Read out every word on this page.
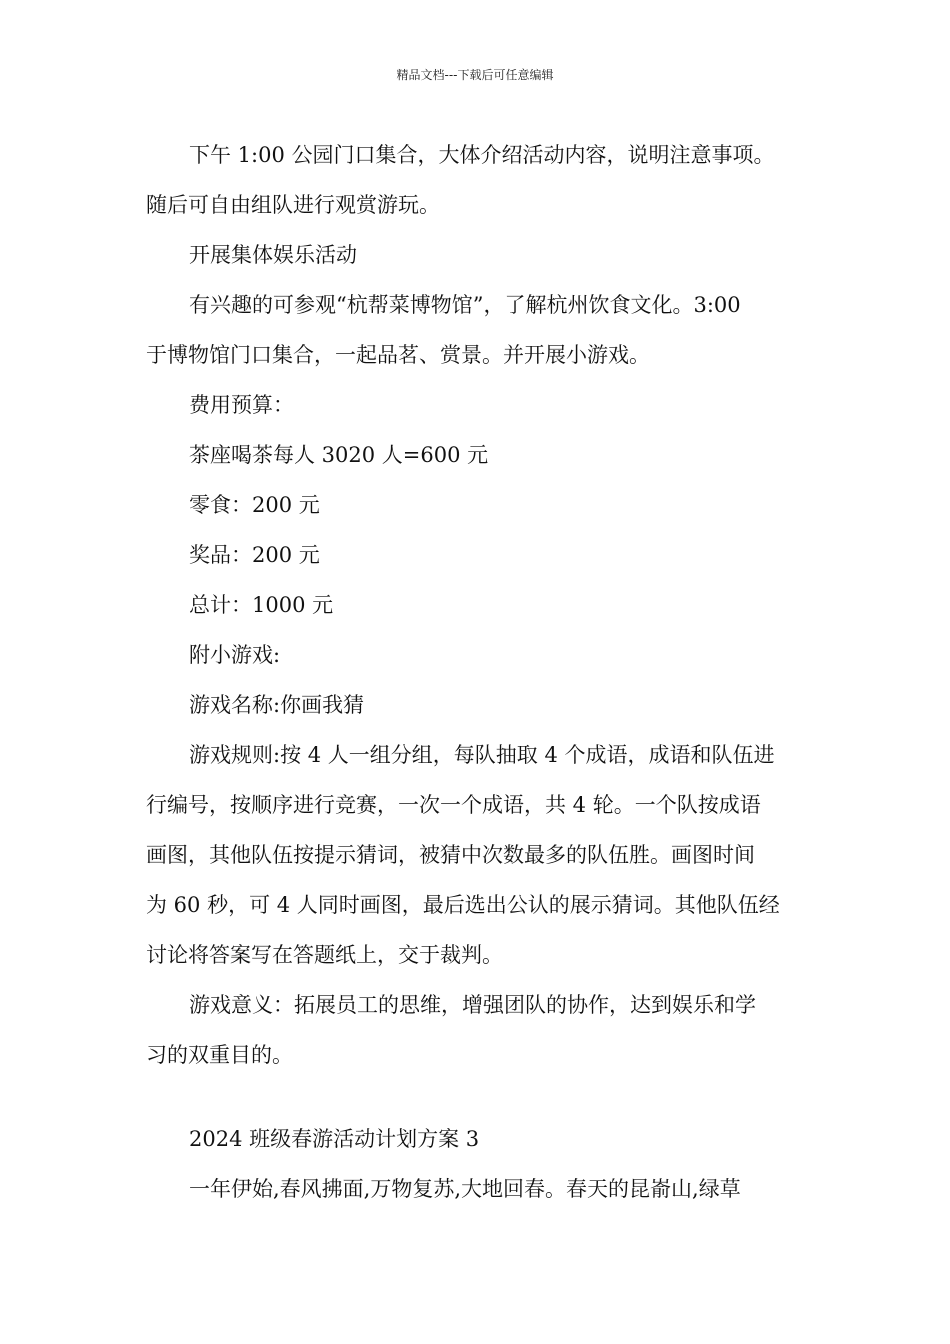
精品文档---下载后可任意编辑

下午 1:00 公园门口集合，大体介绍活动内容，说明注意事项。

随后可自由组队进行观赏游玩。

开展集体娱乐活动

有兴趣的可参观“杭帮菜博物馆”，了解杭州饮食文化。3:00

于博物馆门口集合，一起品茗、赏景。并开展小游戏。

费用预算：

茶座喝茶每人 3020 人=600 元

零食：200 元

奖品：200 元

总计：1000 元

附小游戏:

游戏名称:你画我猜

游戏规则:按 4 人一组分组，每队抽取 4 个成语，成语和队伍进

行编号，按顺序进行竞赛，一次一个成语，共 4 轮。一个队按成语

画图，其他队伍按提示猜词，被猜中次数最多的队伍胜。画图时间

为 60 秒，可 4 人同时画图，最后选出公认的展示猜词。其他队伍经

讨论将答案写在答题纸上，交于裁判。

游戏意义：拓展员工的思维，增强团队的协作，达到娱乐和学

习的双重目的。

2024 班级春游活动计划方案 3

一年伊始,春风拂面,万物复苏,大地回春。春天的昆嵛山,绿草
